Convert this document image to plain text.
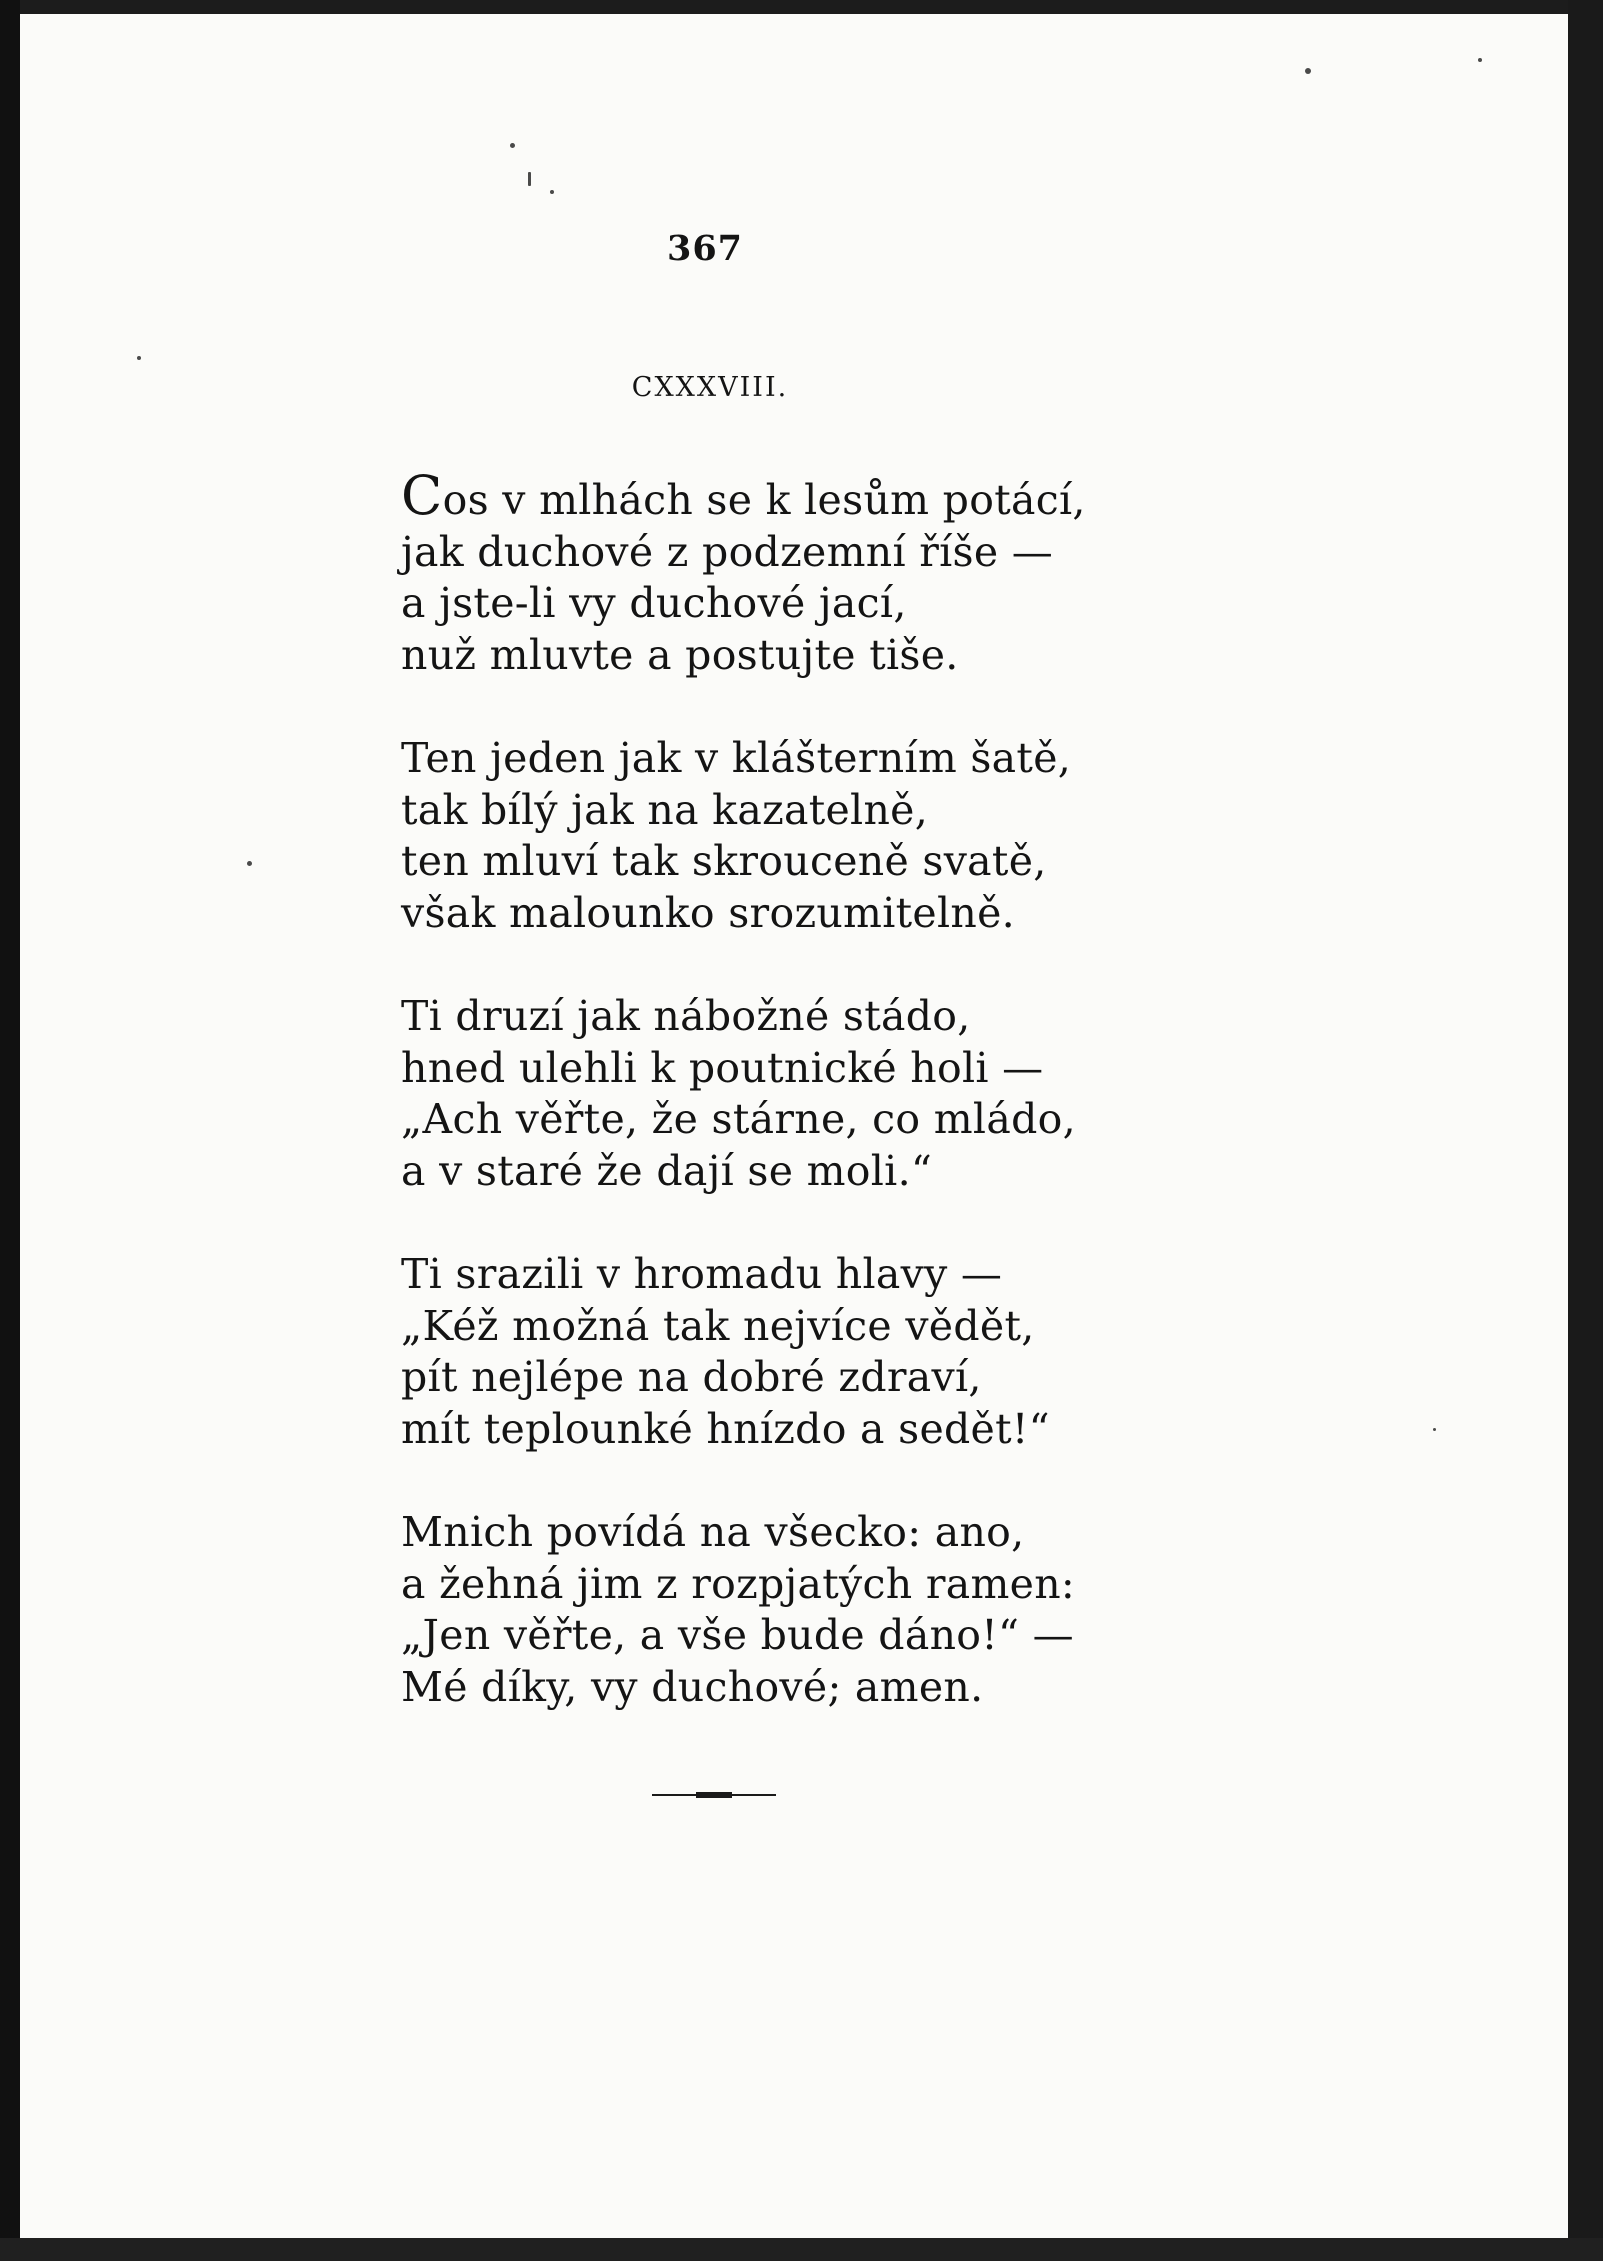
367
CXXXVIII.
Cos v mlhách se k lesům potácí,
jak duchové z podzemní říše —
a jste-li vy duchové jací,
nuž mluvte a postujte tiše.
Ten jeden jak v klášterním šatě,
tak bílý jak na kazatelně,
ten mluví tak skrouceně svatě,
však malounko srozumitelně.
Ti druzí jak nábožné stádo,
hned ulehli k poutnické holi —
„Ach věřte, že stárne, co mládo,
a v staré že dají se moli.“
Ti srazili v hromadu hlavy —
„Kéž možná tak nejvíce vědět,
pít nejlépe na dobré zdraví,
mít teplounké hnízdo a sedět!“
Mnich povídá na všecko: ano,
a žehná jim z rozpjatých ramen:
„Jen věřte, a vše bude dáno!“ —
Mé díky, vy duchové; amen.
